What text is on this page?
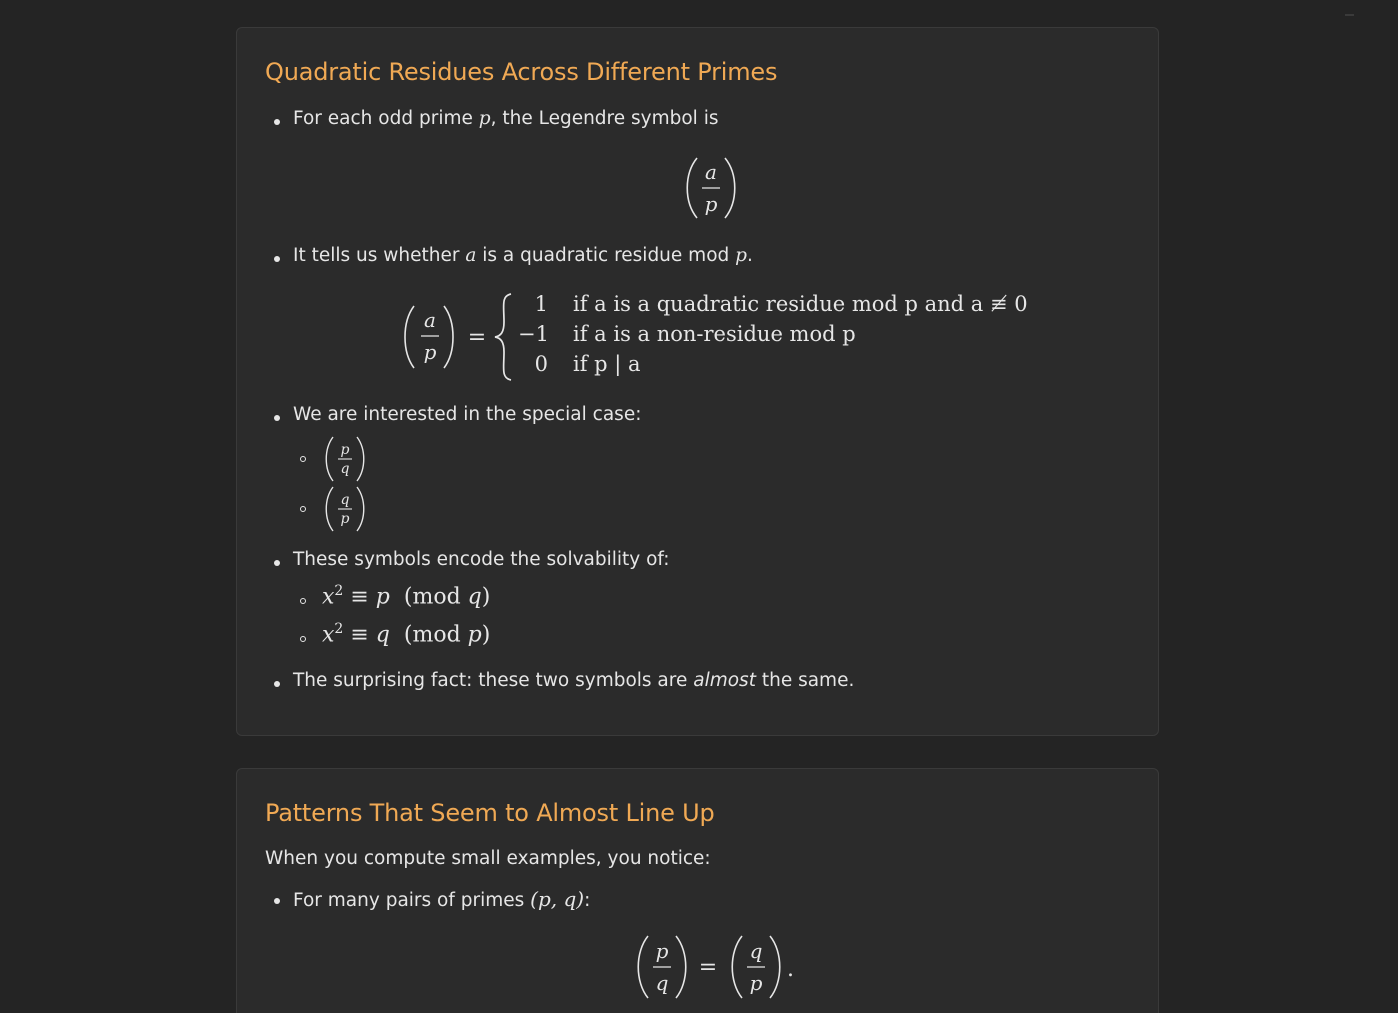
Quadratic Residues Across Different Primes
For each odd prime p, the Legendre symbol is
a
p
It tells us whether a is a quadratic residue mod p.
a
p
=
1 if a is a quadratic residue mod p and a ≢ 0
−1 if a is a non-residue mod p
0 if p | a
We are interested in the special case:
p
q
q
p
These symbols encode the solvability of:
$x^2 \equiv p$ (mod q)
$x^2 \equiv q$ (mod p)
The surprising fact: these two symbols are almost the same.
Patterns That Seem to Almost Line Up
When you compute small examples, you notice:
For many pairs of primes (p, q):
p
q
=
q
p
.
